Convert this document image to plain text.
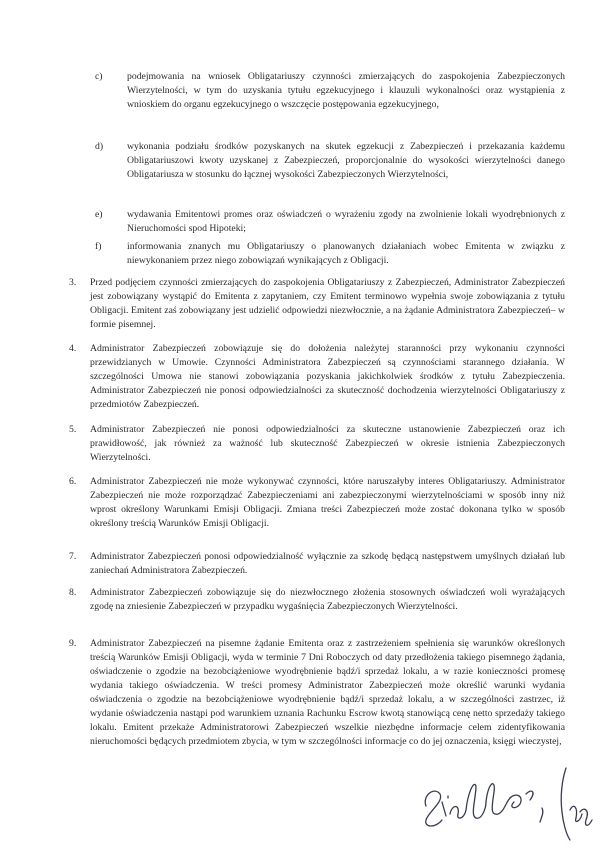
c)	podejmowania na wniosek Obligatariuszy czynności zmierzających do zaspokojenia Zabezpieczonych Wierzytelności, w tym do uzyskania tytułu egzekucyjnego i klauzuli wykonalności oraz wystąpienia z wnioskiem do organu egzekucyjnego o wszczęcie postępowania egzekucyjnego,

d) wykonania podziału środków pozyskanych na skutek egzekucji z Zabezpieczeń i przekazania każdemu Obligatariuszowi kwoty uzyskanej z Zabezpieczeń, proporcjonalnie do wysokości wierzytelności danego Obligatariusza w stosunku do łącznej wysokości Zabezpieczonych Wierzytelności,

e)	wydawania Emitentowi promes oraz oświadczeń o wyrażeniu zgody na zwolnienie lokali wyodrębnionych z Nieruchomości spod Hipoteki;

f)	informowania znanych mu Obligatariuszy o planowanych działaniach wobec Emitenta w związku z niewykonaniem przez niego zobowiązań wynikających z Obligacji.

3. Przed podjęciem czynności zmierzających do zaspokojenia Obligatariuszy z Zabezpieczeń, Administrator Zabezpieczeń jest zobowiązany wystąpić do Emitenta z zapytaniem, czy Emitent terminowo wypełnia swoje zobowiązania z tytułu Obligacji. Emitent zaś zobowiązany jest udzielić odpowiedzi niezwłocznie, a na żądanie Administratora Zabezpieczeń– w formie pisemnej.

4. Administrator Zabezpieczeń zobowiązuje się do dołożenia należytej staranności przy wykonaniu czynności przewidzianych w Umowie. Czynności Administratora Zabezpieczeń są czynnościami starannego działania. W szczególności Umowa nie stanowi zobowiązania pozyskania jakichkolwiek środków z tytułu Zabezpieczenia. Administrator Zabezpieczeń nie ponosi odpowiedzialności za skuteczność dochodzenia wierzytelności Obligatariuszy z przedmiotów Zabezpieczeń.

5. Administrator Zabezpieczeń nie ponosi odpowiedzialności za skuteczne ustanowienie Zabezpieczeń oraz ich prawidłowość, jak również za ważność lub skuteczność Zabezpieczeń w okresie istnienia Zabezpieczonych Wierzytelności.

6. Administrator Zabezpieczeń nie może wykonywać czynności, które naruszałyby interes Obligatariuszy. Administrator Zabezpieczeń nie może rozporządzać Zabezpieczeniami ani zabezpieczonymi wierzytelnościami w sposób inny niż wprost określony Warunkami Emisji Obligacji. Zmiana treści Zabezpieczeń może zostać dokonana tylko w sposób określony treścią Warunków Emisji Obligacji.

7. Administrator Zabezpieczeń ponosi odpowiedzialność wyłącznie za szkodę będącą następstwem umyślnych działań lub zaniechań Administratora Zabezpieczeń.

8. Administrator Zabezpieczeń zobowiązuje się do niezwłocznego złożenia stosownych oświadczeń woli wyrażających zgodę na zniesienie Zabezpieczeń w przypadku wygaśnięcia Zabezpieczonych Wierzytelności.

9. Administrator Zabezpieczeń na pisemne żądanie Emitenta oraz z zastrzeżeniem spełnienia się warunków określonych treścią Warunków Emisji Obligacji, wyda w terminie 7 Dni Roboczych od daty przedłożenia takiego pisemnego żądania, oświadczenie o zgodzie na bezobciążeniowe wyodrębnienie bądź/i sprzedaż lokalu, a w razie konieczności promesę wydania takiego oświadczenia. W treści promesy Administrator Zabezpieczeń może określić warunki wydania oświadczenia o zgodzie na bezobciążeniowe wyodrębnienie bądź/i sprzedaż lokalu, a w szczególności zastrzec, iż wydanie oświadczenia nastąpi pod warunkiem uznania Rachunku Escrow kwotą stanowiącą cenę netto sprzedaży takiego lokalu. Emitent przekaże Administratorowi Zabezpieczeń wszelkie niezbędne informacje celem zidentyfikowania nieruchomości będących przedmiotem zbycia, w tym w szczególności informacje co do jej oznaczenia, księgi wieczystej,
